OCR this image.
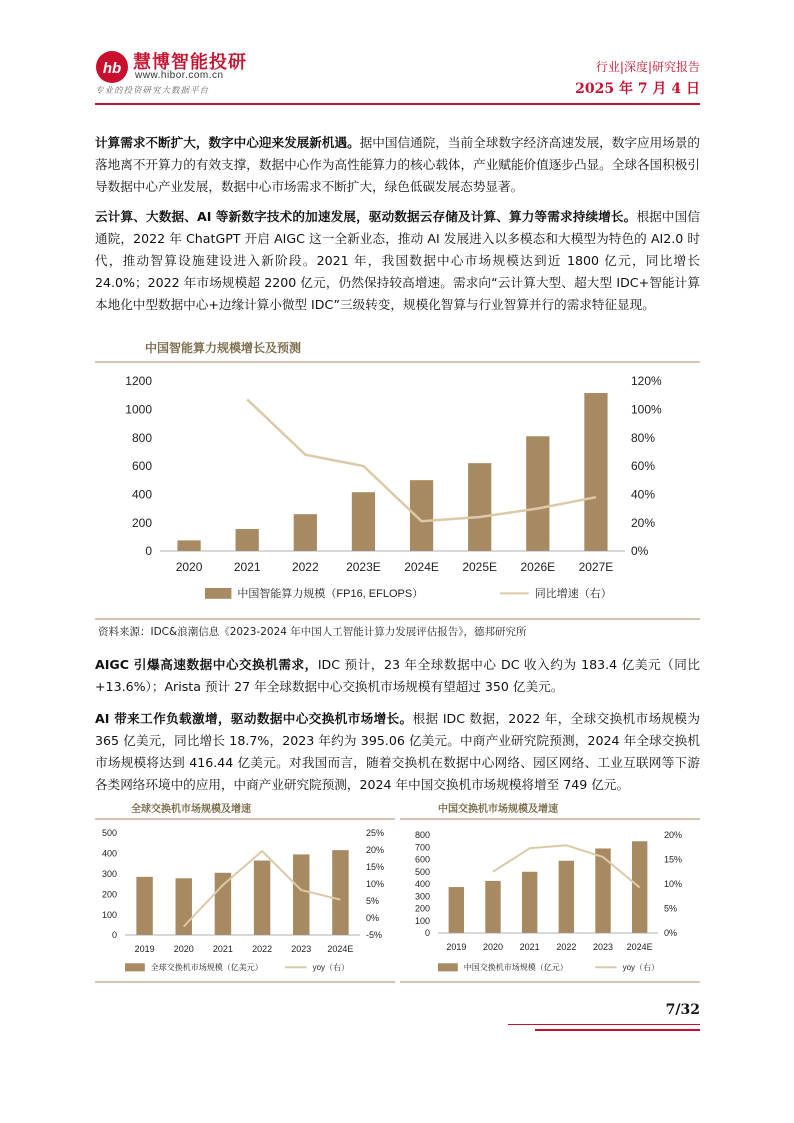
hb 慧博智能投研
www.hibor.com.cn
专业的投资研究大数据平台
行业|深度|研究报告
2025 年 7 月 4 日
计算需求不断扩大，数字中心迎来发展新机遇。据中国信通院，当前全球数字经济高速发展，数字应用场景的落地离不开算力的有效支撑，数据中心作为高性能算力的核心载体，产业赋能价值逐步凸显。全球各国积极引导数据中心产业发展，数据中心市场需求不断扩大，绿色低碳发展态势显著。
云计算、大数据、AI 等新数字技术的加速发展，驱动数据云存储及计算、算力等需求持续增长。根据中国信通院，2022 年 ChatGPT 开启 AIGC 这一全新业态，推动 AI 发展进入以多模态和大模型为特色的 AI2.0 时代，推动智算设施建设进入新阶段。2021 年，我国数据中心市场规模达到近 1800 亿元，同比增长 24.0%；2022 年市场规模超 2200 亿元，仍然保持较高增速。需求向“云计算大型、超大型 IDC+智能计算本地化中型数据中心+边缘计算小微型 IDC”三级转变，规模化智算与行业智算并行的需求特征显现。
中国智能算力规模增长及预测
0
200
400
600
800
1000
1200
0%
20%
40%
60%
80%
100%
120%
2020	2021	2022 2023E 2024E 2025E 2026E 2027E
中国智能算力规模（FP16, EFLOPS）	同比增速（右）
资料来源：IDC&浪潮信息《2023-2024 年中国人工智能计算力发展评估报告》，德邦研究所
AIGC 引爆高速数据中心交换机需求，IDC 预计，23 年全球数据中心 DC 收入约为 183.4 亿美元（同比+13.6%）；Arista 预计 27 年全球数据中心交换机市场规模有望超过 350 亿美元。
AI 带来工作负载激增，驱动数据中心交换机市场增长。根据 IDC 数据，2022 年，全球交换机市场规模为 365 亿美元，同比增长 18.7%，2023 年约为 395.06 亿美元。中商产业研究院预测，2024 年全球交换机市场规模将达到 416.44 亿美元。对我国而言，随着交换机在数据中心网络、园区网络、工业互联网等下游各类网络环境中的应用，中商产业研究院预测，2024 年中国交换机市场规模将增至 749 亿元。
全球交换机市场规模及增速
0
100
200
300
400
500
-5%
0%
5%
10%
15%
20%
25%
2019 2020 2021 2022 2023 2024E
全球交换机市场规模（亿美元）	yoy（右）
中国交换机市场规模及增速
0
100
200
300
400
500
600
700
800
0%
5%
10%
15%
20%
2019 2020 2021 2022 2023 2024E
中国交换机市场规模（亿元）	yoy（右）
7/32
